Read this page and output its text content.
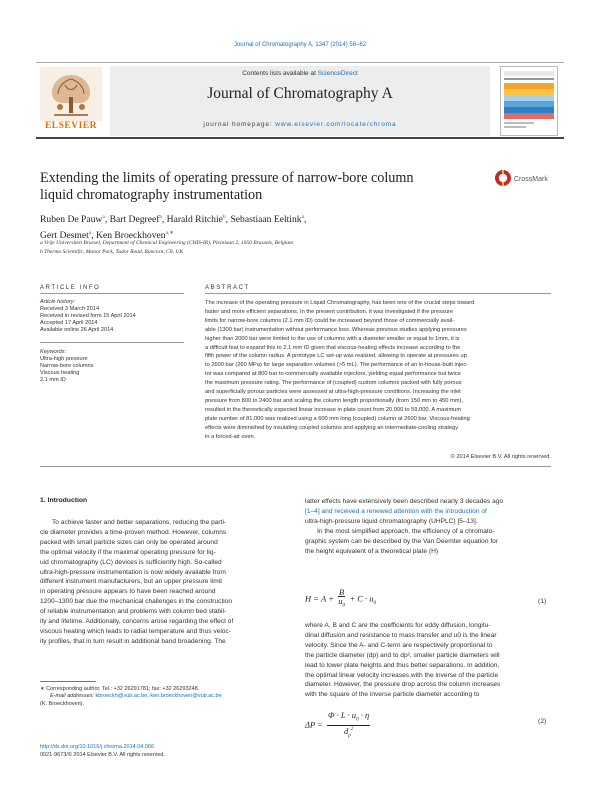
Journal of Chromatography A, 1347 (2014) 56–62
ELSEVIER
Contents lists available at ScienceDirect
Journal of Chromatography A
journal homepage: www.elsevier.com/locate/chroma
Extending the limits of operating pressure of narrow-bore column
liquid chromatography instrumentation
CrossMark
Ruben De Pauw$^a$, Bart Degreef$^a$, Harald Ritchie$^b$, Sebastiaan Eeltink$^a$,
Gert Desmet$^a$, Ken Broeckhoven$^{a,∗}$
a Vrije Universiteit Brussel, Department of Chemical Engineering (CHIS-IR), Pleinlaan 2, 1050 Brussels, Belgium
b Thermo Scientific, Manor Park, Tudor Road, Runcorn, C8, UK
ARTICLE INFO	ABSTRACT
Article history:
Received 3 March 2014
Received in revised form 15 April 2014
Accepted 17 April 2014
Available online 26 April 2014
Keywords:
Ultra-high pressure
Narrow-bore columns
Viscous heating
2.1 mm ID
The increase of the operating pressure in Liquid Chromatography, has been one of the crucial steps toward
faster and more efficient separations. In the present contribution, it was investigated if the pressure
limits for narrow-bore columns (2.1 mm ID) could be increased beyond those of commercially avail-
able (1300 bar) instrumentation without performance loss. Whereas previous studies applying pressures
higher than 2000 bar were limited to the use of columns with a diameter smaller or equal to 1mm, it is
a difficult feat to expand this to 2.1 mm ID given that viscous-heating effects increase according to the
fifth power of the column radius. A prototype LC set-up was realized, allowing to operate at pressures up
to 2600 bar (260 MPa) for large separation volumes (>5 mL). The performance of an in-house-built injec-
tor was compared at 800 bar to commercially available injectors, yielding equal performance but twice
the maximum pressure rating. The performance of (coupled) custom columns packed with fully porous
and superficially porous particles were assessed at ultra-high-pressure conditions. Increasing the inlet
pressure from 800 to 2400 bar and scaling the column length proportionally (from 150 mm to 450 mm),
resulted in the theoretically expected linear increase in plate count from 20,000 to 59,000. A maximum
plate number of 81,000 was realized using a 600 mm long (coupled) column at 2600 bar. Viscous-heating
effects were diminished by insulating coupled columns and applying an intermediate-cooling strategy
in a forced-air oven.
© 2014 Elsevier B.V. All rights reserved.
1. Introduction
To achieve faster and better separations, reducing the parti-
cle diameter provides a time-proven method. However, columns
packed with small particle sizes can only be operated around
the optimal velocity if the maximal operating pressure for liq-
uid chromatography (LC) devices is sufficiently high. So-called
ultra-high-pressure instrumentation is now widely available from
different instrument manufacturers, but an upper pressure limit
in operating pressure appears to have been reached around
1200–1300 bar due the mechanical challenges in the construction
of reliable instrumentation and problems with column bed stabil-
ity and lifetime. Additionally, concerns arose regarding the effect of
viscous heating which leads to radial temperature and thus veloc-
ity profiles, that in turn result in additional band broadening. The
latter effects have extensively been described nearly 3 decades ago
[1–4] and received a renewed attention with the introduction of
ultra-high-pressure liquid chromatography (UHPLC) [5–13].
In the most simplified approach, the efficiency of a chromato-
graphic system can be described by the Van Deemter equation for
the height equivalent of a theoretical plate (H)
$H = A + \frac{B}{u_0} + C \cdot u_0$	(1)
where A, B and C are the coefficients for eddy diffusion, longitu-
dinal diffusion and resistance to mass transfer and u0 is the linear
velocity. Since the A- and C-term are respectively proportional to
the particle diameter (dp) and to dp², smaller particle diameters will
lead to lower plate heights and thus better separations. In addition,
the optimal linear velocity increases with the inverse of the particle
diameter. However, the pressure drop across the column increases
with the square of the inverse particle diameter according to
$\Delta P = \frac{\Phi \cdot L \cdot u_0 \cdot \eta}{d_p^2}$	(2)
∗ Corresponding author. Tel.: +32 26291781; fax: +32 26293248.
E-mail addresses: kbroeckh@vub.ac.be, ken.broeckhoven@vub.ac.be
(K. Broeckhoven).
http://dx.doi.org/10.1016/j.chroma.2014.04.066
0021-9673/© 2014 Elsevier B.V. All rights reserved.
